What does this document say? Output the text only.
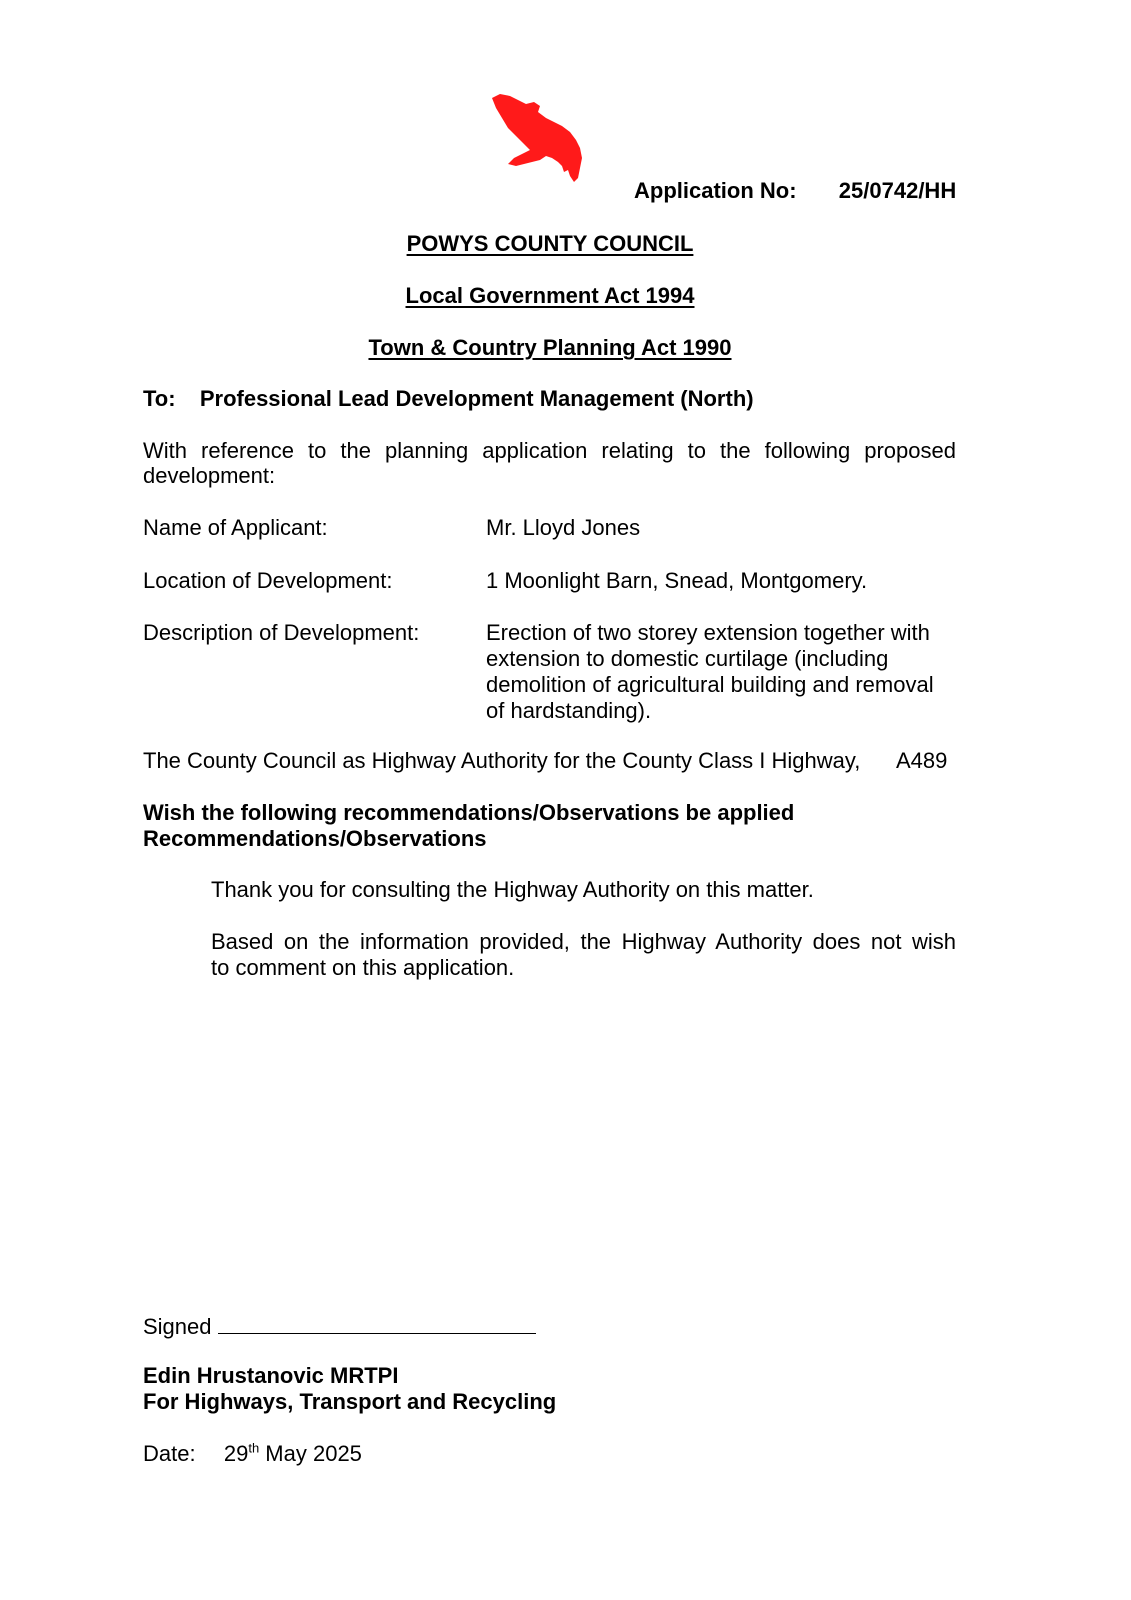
Application No: 25/0742/HH
POWYS COUNTY COUNCIL
Local Government Act 1994
Town & Country Planning Act 1990
To: Professional Lead Development Management (North)
With reference to the planning application relating to the following proposed
development:
Name of Applicant:	Mr. Lloyd Jones
Location of Development:	1 Moonlight Barn, Snead, Montgomery.
Description of Development:	Erection of two storey extension together with
extension to domestic curtilage (including
demolition of agricultural building and removal
of hardstanding).
The County Council as Highway Authority for the County Class I Highway, A489
Wish the following recommendations/Observations be applied
Recommendations/Observations
Thank you for consulting the Highway Authority on this matter.
Based on the information provided, the Highway Authority does not wish
to comment on this application.
Signed
Edin Hrustanovic MRTPI
For Highways, Transport and Recycling
Date: 29th May 2025
